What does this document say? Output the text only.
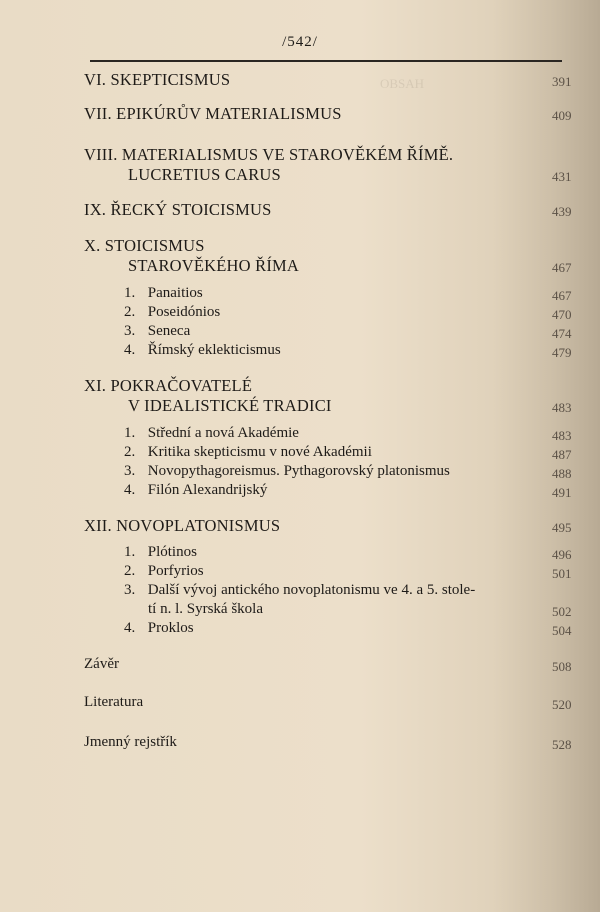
/542/
OBSAH
VI. SKEPTICISMUS	391
VII. EPIKÚRŮV MATERIALISMUS	409
VIII. MATERIALISMUS VE STAROVĚKÉM ŘÍMĚ.
LUCRETIUS CARUS	431
IX. ŘECKÝ STOICISMUS	439
X. STOICISMUS
STAROVĚKÉHO ŘÍMA	467
1. Panaitios	467
2. Poseidónios	470
3. Seneca	474
4. Římský eklekticismus	479
XI. POKRAČOVATELÉ
V IDEALISTICKÉ TRADICI	483
1. Střední a nová Akadémie	483
2. Kritika skepticismu v nové Akadémii	487
3. Novopythagoreismus. Pythagorovský platonismus	488
4. Filón Alexandrijský	491
XII. NOVOPLATONISMUS	495
1. Plótinos	496
2. Porfyrios	501
3. Další vývoj antického novoplatonismu ve 4. a 5. stole-
tí n. l. Syrská škola	502
4. Proklos	504
Závěr	508
Literatura	520
Jmenný rejstřík	528
